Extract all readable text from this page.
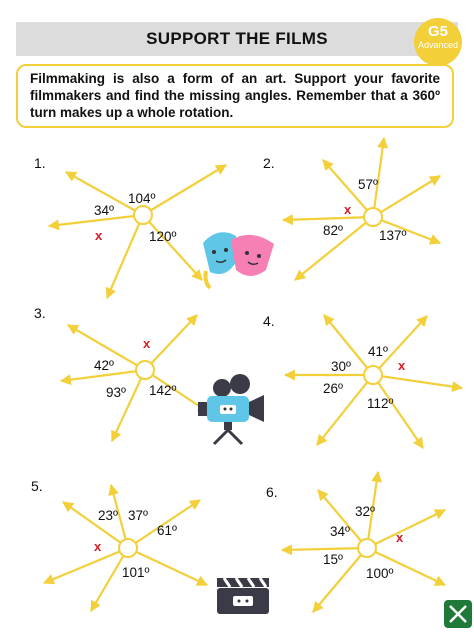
SUPPORT THE FILMS	G5
Advanced
Filmmaking is also a form of an art. Support your favorite filmmakers and find the missing angles. Remember that a 360º turn makes up a whole rotation.
1.
104º
34º
120º
x
2.
57º
82º	137º
x
3.
42º
93º 142º
x
4.
41º
30º
26º
112º
x
5.
23º 37º
61º
101º
x
6.
32º
34º
15º
100º
x
